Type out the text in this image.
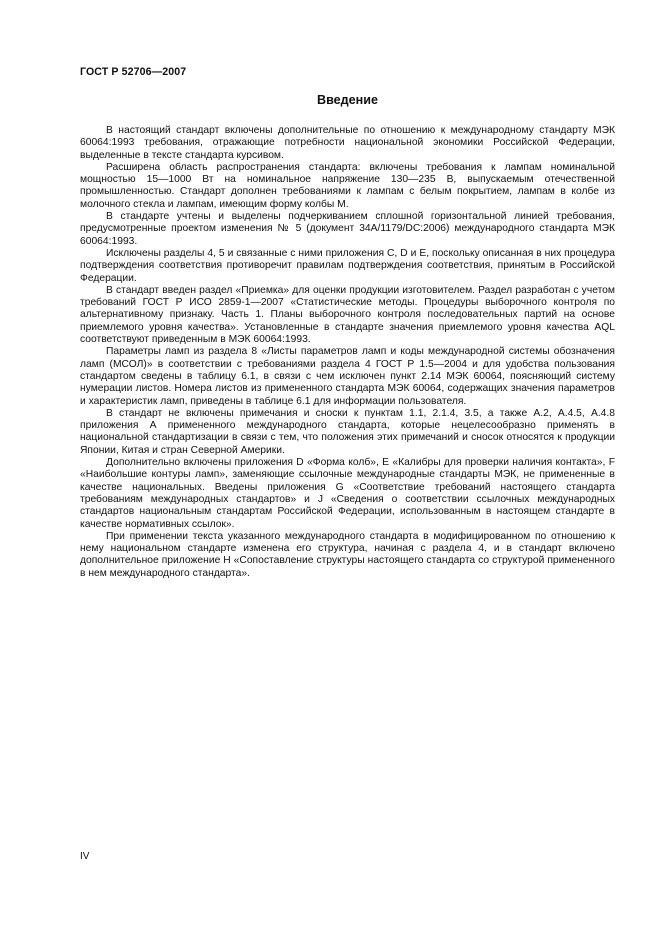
ГОСТ Р 52706—2007
Введение

В настоящий стандарт включены дополнительные по отношению к международному стандарту МЭК 60064:1993 требования, отражающие потребности национальной экономики Российской Федерации, выделенные в тексте стандарта курсивом.

Расширена область распространения стандарта: включены требования к лампам номинальной мощностью 15—1000 Вт на номинальное напряжение 130—235 В, выпускаемым отечественной промышленностью. Стандарт дополнен требованиями к лампам с белым покрытием, лампам в колбе из молочного стекла и лампам, имеющим форму колбы М.

В стандарте учтены и выделены подчеркиванием сплошной горизонтальной линией требования, предусмотренные проектом изменения № 5 (документ 34А/1179/DC:2006) международного стандарта МЭК 60064:1993.

Исключены разделы 4, 5 и связанные с ними приложения С, D и Е, поскольку описанная в них процедура подтверждения соответствия противоречит правилам подтверждения соответствия, принятым в Российской Федерации.

В стандарт введен раздел «Приемка» для оценки продукции изготовителем. Раздел разработан с учетом требований ГОСТ Р ИСО 2859-1—2007 «Статистические методы. Процедуры выборочного контроля по альтернативному признаку. Часть 1. Планы выборочного контроля последовательных партий на основе приемлемого уровня качества». Установленные в стандарте значения приемлемого уровня качества AQL соответствуют приведенным в МЭК 60064:1993.

Параметры ламп из раздела 8 «Листы параметров ламп и коды международной системы обозначения ламп (МСОЛ)» в соответствии с требованиями раздела 4 ГОСТ Р 1.5—2004 и для удобства пользования стандартом сведены в таблицу 6.1, в связи с чем исключен пункт 2.14 МЭК 60064, поясняющий систему нумерации листов. Номера листов из примененного стандарта МЭК 60064, содержащих значения параметров и характеристик ламп, приведены в таблице 6.1 для информации пользователя.

В стандарт не включены примечания и сноски к пунктам 1.1, 2.1.4, 3.5, а также А.2, А.4.5, А.4.8 приложения А примененного международного стандарта, которые нецелесообразно применять в национальной стандартизации в связи с тем, что положения этих примечаний и сносок относятся к продукции Японии, Китая и стран Северной Америки.

Дополнительно включены приложения D «Форма колб», Е «Калибры для проверки наличия контакта», F «Наибольшие контуры ламп», заменяющие ссылочные международные стандарты МЭК, не примененные в качестве национальных. Введены приложения G «Соответствие требований настоящего стандарта требованиям международных стандартов» и J «Сведения о соответствии ссылочных международных стандартов национальным стандартам Российской Федерации, использованным в настоящем стандарте в качестве нормативных ссылок».

При применении текста указанного международного стандарта в модифицированном по отношению к нему национальном стандарте изменена его структура, начиная с раздела 4, и в стандарт включено дополнительное приложение Н «Сопоставление структуры настоящего стандарта со структурой примененного в нем международного стандарта».

IV
